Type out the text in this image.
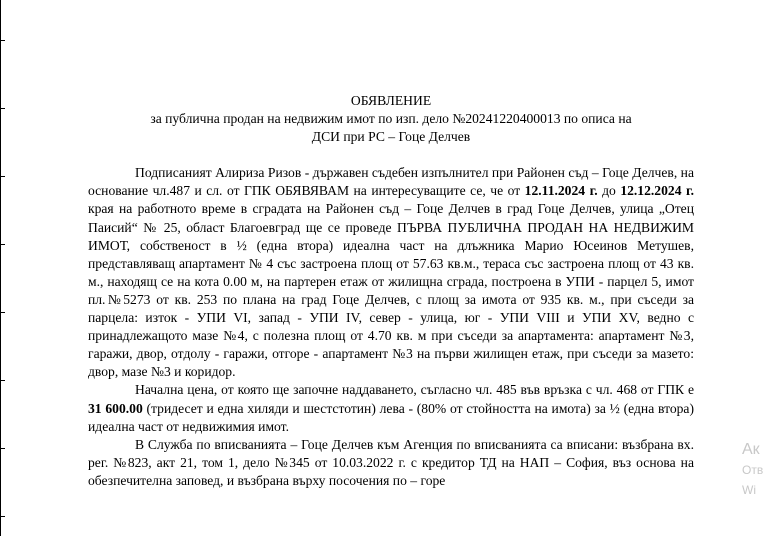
ОБЯВЛЕНИЕ
за публична продан на недвижим имот по изп. дело №20241220400013 по описа на
ДСИ при РС – Гоце Делчев

Подписаният Алириза Ризов - държавен съдебен изпълнител при Районен съд – Гоце Делчев, на основание чл.487 и сл. от ГПК ОБЯВЯВАМ на интересуващите се, че от 12.11.2024 г. до 12.12.2024 г. края на работното време в сградата на Районен съд – Гоце Делчев в град Гоце Делчев, улица „Отец Паисий“ № 25, област Благоевград ще се проведе ПЪРВА ПУБЛИЧНА ПРОДАН НА НЕДВИЖИМ ИМОТ, собственост в ½ (една втора) идеална част на длъжника Марио Юсеинов Метушев, представляващ апартамент № 4 със застроена площ от 57.63 кв.м., тераса със застроена площ от 43 кв. м., находящ се на кота 0.00 м, на партерен етаж от жилищна сграда, построена в УПИ - парцел 5, имот пл.№5273 от кв. 253 по плана на град Гоце Делчев, с площ за имота от 935 кв. м., при съседи за парцела: изток - УПИ VI, запад - УПИ IV, север - улица, юг - УПИ VIII и УПИ XV, ведно с принадлежащото мазе №4, с полезна площ от 4.70 кв. м при съседи за апартамента: апартамент №3, гаражи, двор, отдолу - гаражи, отгоре - апартамент №3 на първи жилищен етаж, при съседи за мазето: двор, мазе №3 и коридор.

Начална цена, от която ще започне наддаването, съгласно чл. 485 във връзка с чл. 468 от ГПК е 31 600.00 (тридесет и една хиляди и шестстотин) лева - (80% от стойността на имота) за ½ (една втора) идеална част от недвижимия имот.

В Служба по вписванията – Гоце Делчев към Агенция по вписванията са вписани: възбрана вх. рег. №823, акт 21, том 1, дело №345 от 10.03.2022 г. с кредитор ТД на НАП – София, въз основа на обезпечителна заповед, и възбрана върху посочения по – горе

Ак
Отв
Wi
